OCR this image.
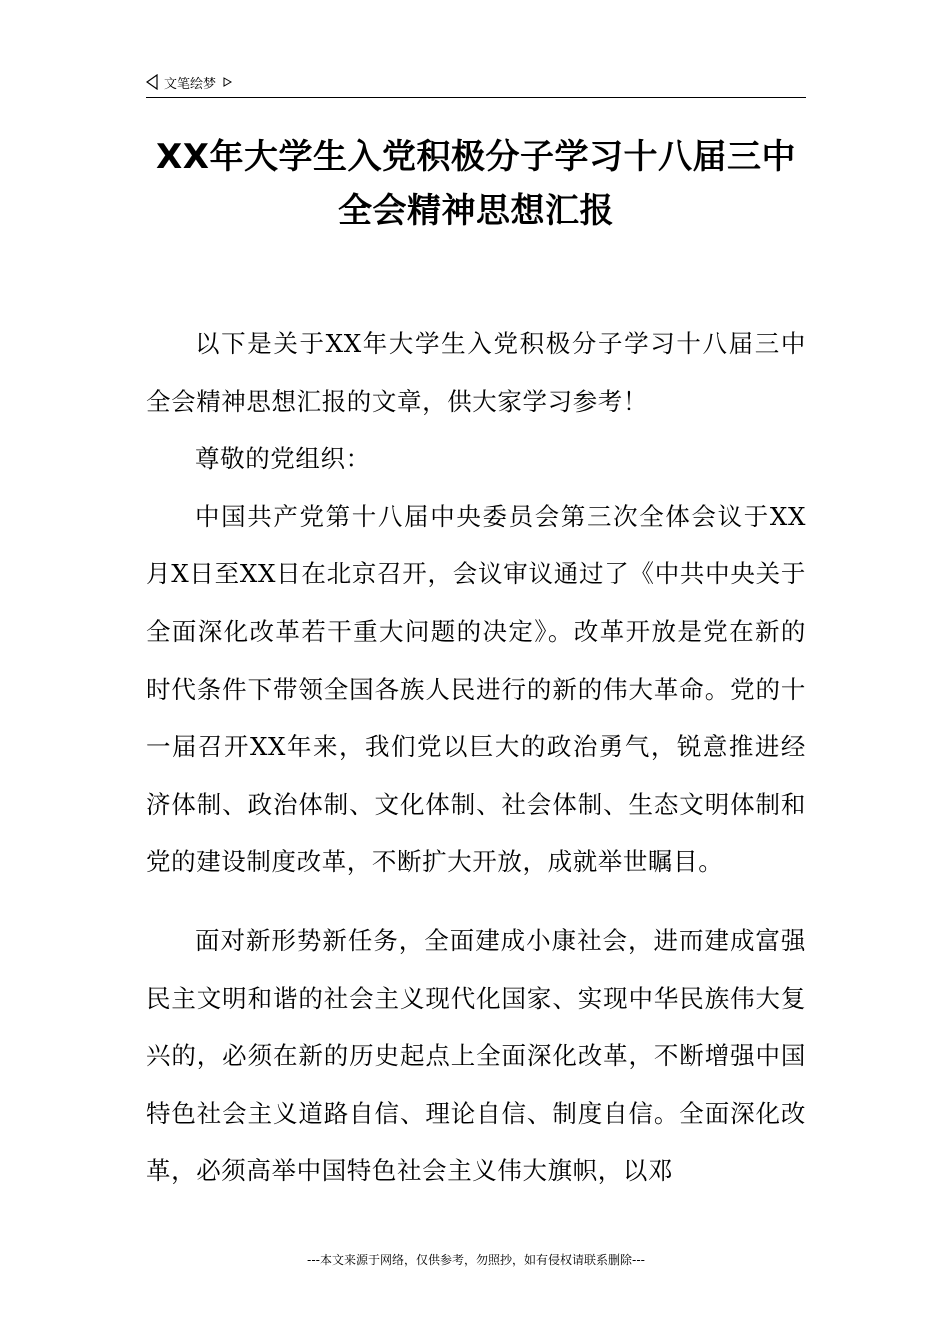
文笔绘梦
XX年大学生入党积极分子学习十八届三中
全会精神思想汇报

以下是关于XX年大学生入党积极分子学习十八届三中全会精神思想汇报的文章，供大家学习参考！

尊敬的党组织：

中国共产党第十八届中央委员会第三次全体会议于XX月X日至XX日在北京召开，会议审议通过了《中共中央关于全面深化改革若干重大问题的决定》。改革开放是党在新的时代条件下带领全国各族人民进行的新的伟大革命。党的十一届召开XX年来，我们党以巨大的政治勇气，锐意推进经济体制、政治体制、文化体制、社会体制、生态文明体制和党的建设制度改革，不断扩大开放，成就举世瞩目。

面对新形势新任务，全面建成小康社会，进而建成富强民主文明和谐的社会主义现代化国家、实现中华民族伟大复兴的，必须在新的历史起点上全面深化改革，不断增强中国特色社会主义道路自信、理论自信、制度自信。全面深化改革，必须高举中国特色社会主义伟大旗帜，以邓

---本文来源于网络，仅供参考，勿照抄，如有侵权请联系删除---
